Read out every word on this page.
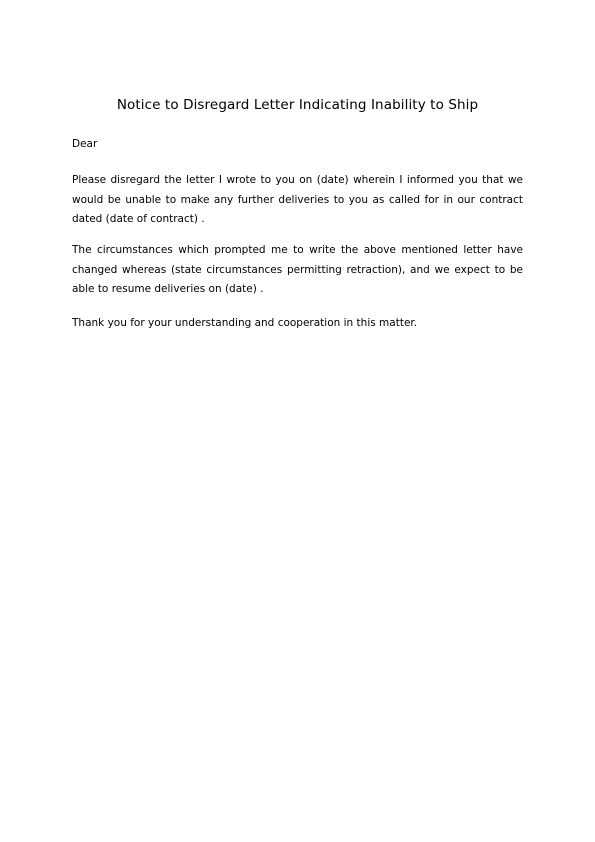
Notice to Disregard Letter Indicating Inability to Ship
Dear

Please disregard the letter I wrote to you on (date) wherein I informed you that we would be unable to make any further deliveries to you as called for in our contract dated (date of contract) .

The circumstances which prompted me to write the above mentioned letter have changed whereas (state circumstances permitting retraction), and we expect to be able to resume deliveries on (date) .

Thank you for your understanding and cooperation in this matter.
